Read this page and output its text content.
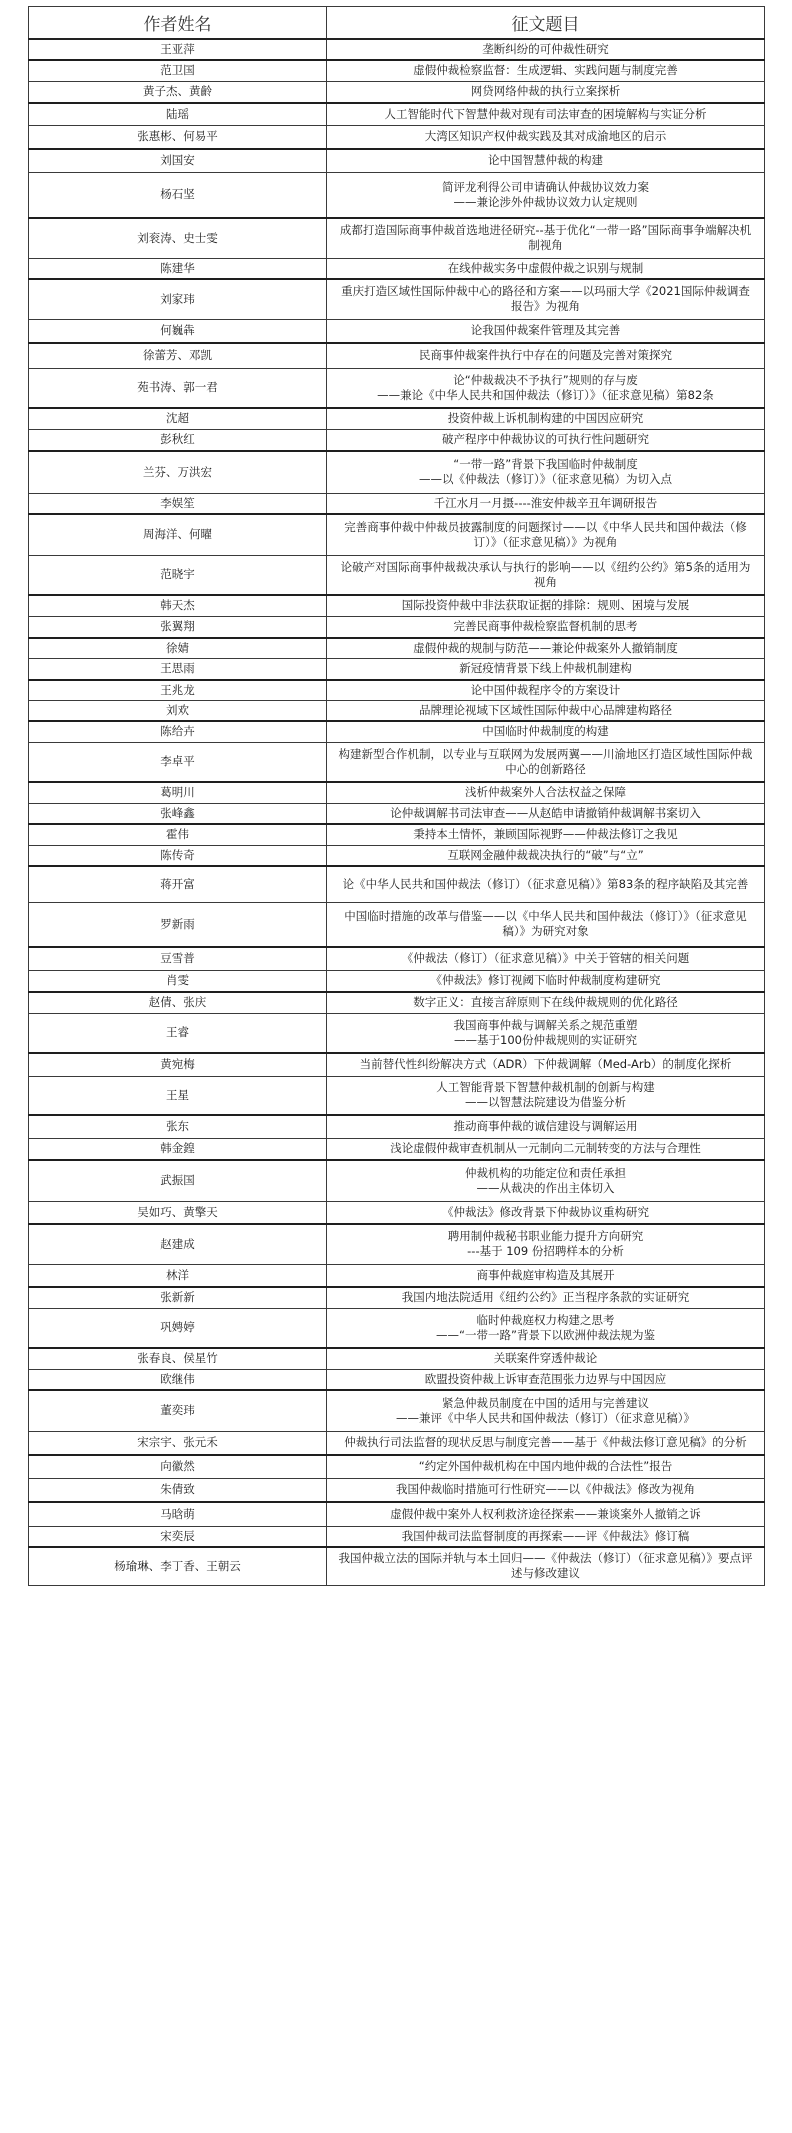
作者姓名	征文题目
王亚萍	垄断纠纷的可仲裁性研究

范卫国	虚假仲裁检察监督：生成逻辑、实践问题与制度完善

黄子杰、黄齡	网贷网络仲裁的执行立案探析

陆瑶	人工智能时代下智慧仲裁对现有司法审查的困境解构与实证分析

张惠彬、何易平	大湾区知识产权仲裁实践及其对成渝地区的启示

刘国安	论中国智慧仲裁的构建

杨石坚	简评龙利得公司申请确认仲裁协议效力案
——兼论涉外仲裁协议效力认定规则

刘衮涛、史士雯	成都打造国际商事仲裁首选地进径研究--基于优化“一带一路”国际商事争端解决机制视角

陈建华	在线仲裁实务中虚假仲裁之识别与规制

刘家玮	重庆打造区域性国际仲裁中心的路径和方案——以玛丽大学《2021国际仲裁调查报告》为视角

何巍犇	论我国仲裁案件管理及其完善

徐蕾芳、邓凯	民商事仲裁案件执行中存在的问题及完善对策探究

苑书涛、郭一君	论“仲裁裁决不予执行”规则的存与废
——兼论《中华人民共和国仲裁法（修订）》（征求意见稿）第82条

沈超	投资仲裁上诉机制构建的中国因应研究

彭秋红	破产程序中仲裁协议的可执行性问题研究

兰芬、万洪宏	“一带一路”背景下我国临时仲裁制度
——以《仲裁法（修订）》（征求意见稿）为切入点

李娱笙	千江水月一月摄----淮安仲裁辛丑年调研报告

周海洋、何曜	完善商事仲裁中仲裁员披露制度的问题探讨——以《中华人民共和国仲裁法（修订）》（征求意见稿）》为视角

范晓宇	论破产对国际商事仲裁裁决承认与执行的影响——以《纽约公约》第5条的适用为视角

韩天杰	国际投资仲裁中非法获取证据的排除：规则、困境与发展

张翼翔	完善民商事仲裁检察监督机制的思考

徐婧	虚假仲裁的规制与防范——兼论仲裁案外人撤销制度

王思雨	新冠疫情背景下线上仲裁机制建构

王兆龙	论中国仲裁程序令的方案设计

刘欢	品牌理论视域下区域性国际仲裁中心品牌建构路径

陈给卉	中国临时仲裁制度的构建

李卓平	构建新型合作机制，以专业与互联网为发展两翼——川渝地区打造区域性国际仲裁中心的创新路径

葛明川	浅析仲裁案外人合法权益之保障

张峰鑫	论仲裁调解书司法审查——从赵皓申请撤销仲裁调解书案切入

霍伟	秉持本土情怀，兼顾国际视野——仲裁法修订之我见

陈传奇	互联网金融仲裁裁决执行的“破”与“立”

蒋开富	论《中华人民共和国仲裁法（修订）（征求意见稿）》第83条的程序缺陷及其完善

罗新雨	中国临时措施的改革与借鉴——以《中华人民共和国仲裁法（修订）》（征求意见稿）》为研究对象

豆雪普	《仲裁法（修订）（征求意见稿）》中关于管辖的相关问题

肖雯	《仲裁法》修订视阈下临时仲裁制度构建研究

赵倩、张庆	数字正义：直接言辞原则下在线仲裁规则的优化路径

王睿	我国商事仲裁与调解关系之规范重塑
——基于100份仲裁规则的实证研究

黄宛梅	当前替代性纠纷解决方式（ADR）下仲裁调解（Med-Arb）的制度化探析

王星	人工智能背景下智慧仲裁机制的创新与构建
——以智慧法院建设为借鉴分析

张东	推动商事仲裁的诚信建设与调解运用

韩金鍠	浅论虚假仲裁审查机制从一元制向二元制转变的方法与合理性

武振国	仲裁机构的功能定位和责任承担
——从裁决的作出主体切入

吴如巧、黄擎天	《仲裁法》修改背景下仲裁协议重构研究

赵建成	聘用制仲裁秘书职业能力提升方向研究
---基于 109 份招聘样本的分析

林洋	商事仲裁庭审构造及其展开

张新新	我国内地法院适用《纽约公约》正当程序条款的实证研究

巩娉婷	临时仲裁庭权力构建之思考
——“一带一路”背景下以欧洲仲裁法规为鉴

张春良、侯星竹	关联案件穿透仲裁论

欧继伟	欧盟投资仲裁上诉审查范围张力边界与中国因应

董奕玮	紧急仲裁员制度在中国的适用与完善建议
——兼评《中华人民共和国仲裁法（修订）（征求意见稿）》

宋宗宇、张元禾	仲裁执行司法监督的现状反思与制度完善——基于《仲裁法修订意见稿》的分析

向徽然	“约定外国仲裁机构在中国内地仲裁的合法性”报告

朱倩致	我国仲裁临时措施可行性研究——以《仲裁法》修改为视角

马晗萌	虚假仲裁中案外人权利救济途径探索——兼谈案外人撤销之诉

宋奕辰	我国仲裁司法监督制度的再探索——评《仲裁法》修订稿

杨瑜琳、李丁香、王朝云	我国仲裁立法的国际并轨与本土回归——《仲裁法（修订）（征求意见稿）》要点评述与修改建议
